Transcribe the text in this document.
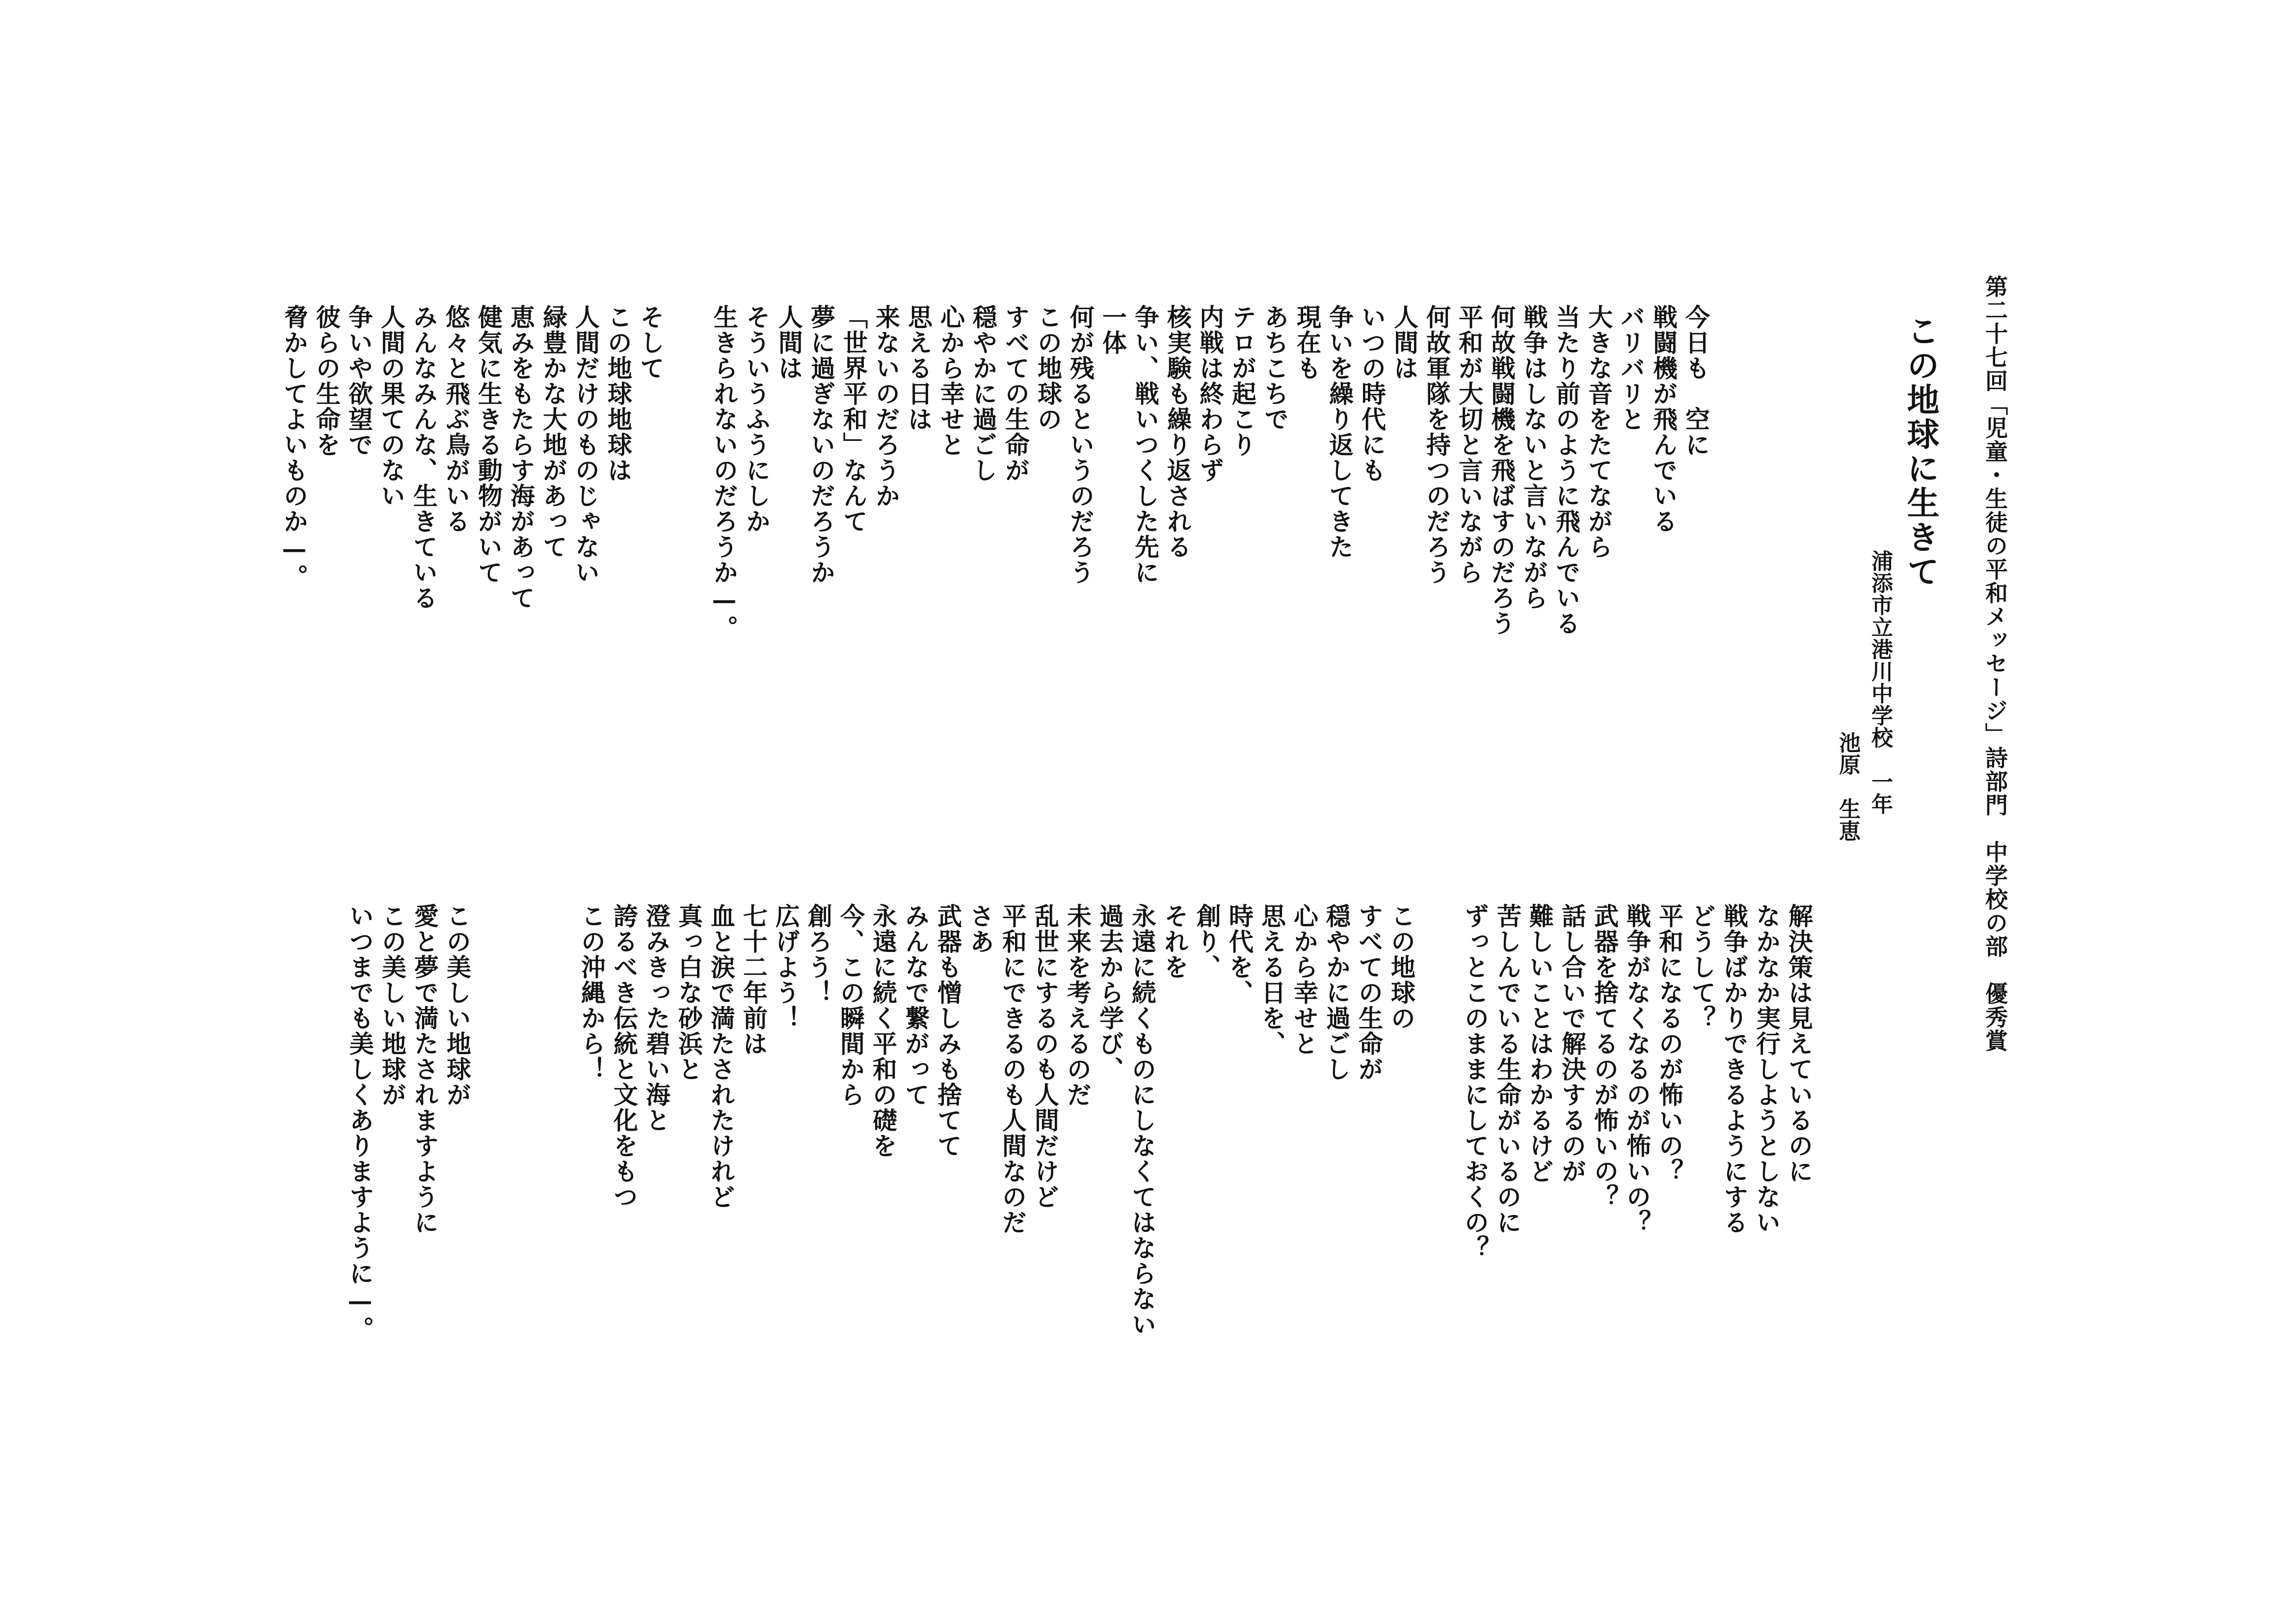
第二十七回「児童・生徒の平和メッセージ」詩部門　中学校の部　優秀賞
この地球に生きて
浦添市立港川中学校　一年
池原　生恵
今日も　空に
戦闘機が飛んでいる
バリバリと
大きな音をたてながら
当たり前のように飛んでいる
戦争はしないと言いながら
何故戦闘機を飛ばすのだろう
平和が大切と言いながら
何故軍隊を持つのだろう
人間は
いつの時代にも
争いを繰り返してきた
現在も
あちこちで
テロが起こり
内戦は終わらず
核実験も繰り返される
争い、戦いつくした先に
一体
何が残るというのだろう
この地球の
すべての生命が
穏やかに過ごし
心から幸せと
思える日は
来ないのだろうか
「世界平和」なんて
夢に過ぎないのだろうか
人間は
そういうふうにしか
生きられないのだろうか—。
そして
この地球地球は
人間だけのものじゃない
緑豊かな大地があって
恵みをもたらす海があって
健気に生きる動物がいて
悠々と飛ぶ鳥がいる
みんなみんな、生きている
人間の果てのない
争いや欲望で
彼らの生命を
脅かしてよいものか—。
解決策は見えているのに
なかなか実行しようとしない
戦争ばかりできるようにする
どうして？
平和になるのが怖いの？
戦争がなくなるのが怖いの？
武器を捨てるのが怖いの？
話し合いで解決するのが
難しいことはわかるけど
苦しんでいる生命がいるのに
ずっとこのままにしておくの？
この地球の
すべての生命が
穏やかに過ごし
心から幸せと
思える日を、
時代を、
創り、
それを
永遠に続くものにしなくてはならない
過去から学び、
未来を考えるのだ
乱世にするのも人間だけど
平和にできるのも人間なのだ
さあ
武器も憎しみも捨てて
みんなで繋がって
永遠に続く平和の礎を
今、この瞬間から
創ろう！
広げよう！
七十二年前は
血と涙で満たされたけれど
真っ白な砂浜と
澄みきった碧い海と
誇るべき伝統と文化をもつ
この沖縄から！
この美しい地球が
愛と夢で満たされますように
この美しい地球が
いつまでも美しくありますように—。
